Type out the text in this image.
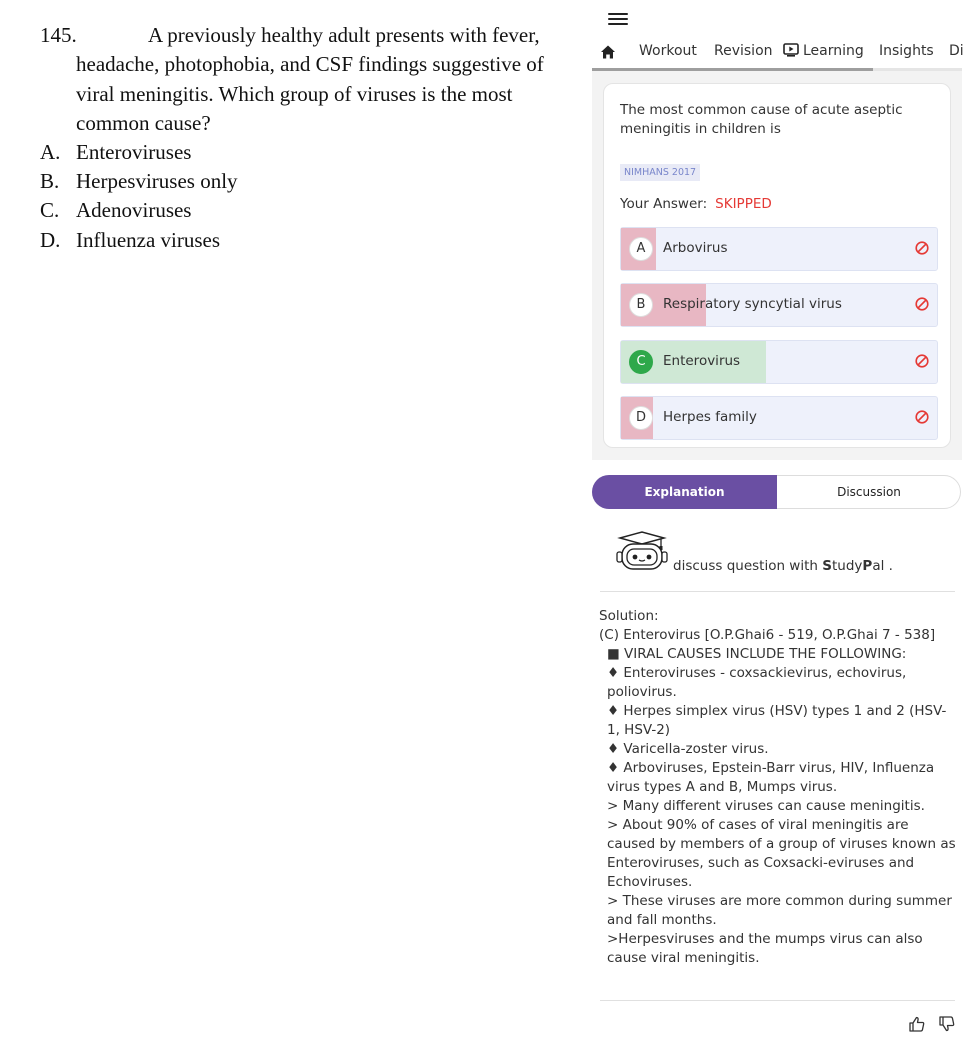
145.	A previously healthy adult presents with fever,
headache, photophobia, and CSF findings suggestive of
viral meningitis. Which group of viruses is the most
common cause?
A. Enteroviruses
B. Herpesviruses only
C. Adenoviruses
D. Influenza viruses
Workout Revision	Learning Insights Di
The most common cause of acute aseptic meningitis in children is
NIMHANS 2017
Your Answer: SKIPPED
A	Arbovirus
B	Respiratory syncytial virus
C	Enterovirus
D	Herpes family
Explanation	Discussion
discuss question with StudyPal .

Solution:

(C) Enterovirus [O.P.Ghai6 - 519, O.P.Ghai 7 - 538]

■ VIRAL CAUSES INCLUDE THE FOLLOWING:

♦ Enteroviruses - coxsackievirus, echovirus, poliovirus.

♦ Herpes simplex virus (HSV) types 1 and 2 (HSV-1, HSV-2)

♦ Varicella-zoster virus.

♦ Arboviruses, Epstein-Barr virus, HIV, Influenza virus types A and B, Mumps virus.

> Many different viruses can cause meningitis.

> About 90% of cases of viral meningitis are caused by members of a group of viruses known as Enteroviruses, such as Coxsacki-eviruses and Echoviruses.

> These viruses are more common during summer and fall months.

>Herpesviruses and the mumps virus can also cause viral meningitis.
